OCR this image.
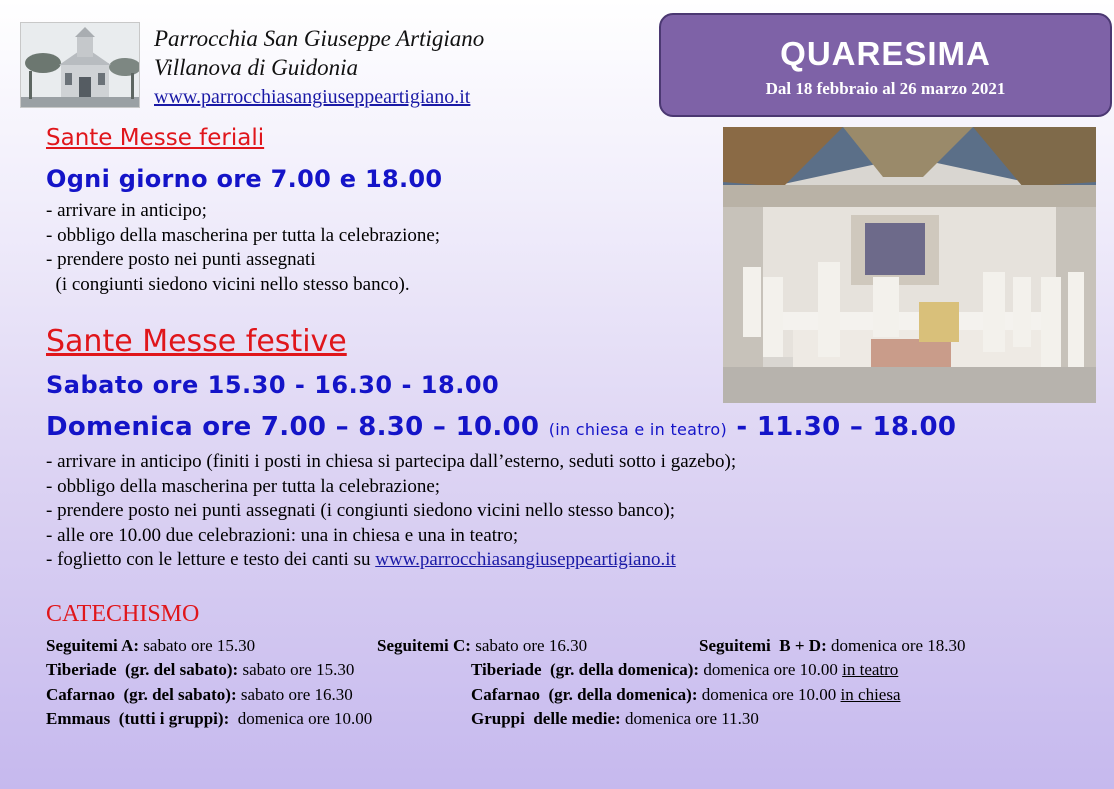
Parrocchia San Giuseppe Artigiano
Villanova di Guidonia
www.parrocchiasangiuseppeartigiano.it
QUARESIMA
Dal 18 febbraio al 26 marzo 2021
Sante Messe feriali
Ogni giorno ore 7.00 e 18.00
- arrivare in anticipo;
- obbligo della mascherina per tutta la celebrazione;
- prendere posto nei punti assegnati
(i congiunti siedono vicini nello stesso banco).
Sante Messe festive
Sabato ore 15.30 - 16.30 - 18.00
Domenica ore 7.00 – 8.30 – 10.00 (in chiesa e in teatro) - 11.30 – 18.00
- arrivare in anticipo (finiti i posti in chiesa si partecipa dall’esterno, seduti sotto i gazebo);
- obbligo della mascherina per tutta la celebrazione;
- prendere posto nei punti assegnati (i congiunti siedono vicini nello stesso banco);
- alle ore 10.00 due celebrazioni: una in chiesa e una in teatro;
- foglietto con le letture e testo dei canti su www.parrocchiasangiuseppeartigiano.it
CATECHISMO
Seguitemi A: sabato ore 15.30	Seguitemi C: sabato ore 16.30	Seguitemi  B + D: domenica ore 18.30
Tiberiade  (gr. del sabato): sabato ore 15.30	Tiberiade  (gr. della domenica): domenica ore 10.00 in teatro
Cafarnao  (gr. del sabato): sabato ore 16.30	Cafarnao  (gr. della domenica): domenica ore 10.00 in chiesa
Emmaus  (tutti i gruppi):  domenica ore 10.00	Gruppi  delle medie: domenica ore 11.30
